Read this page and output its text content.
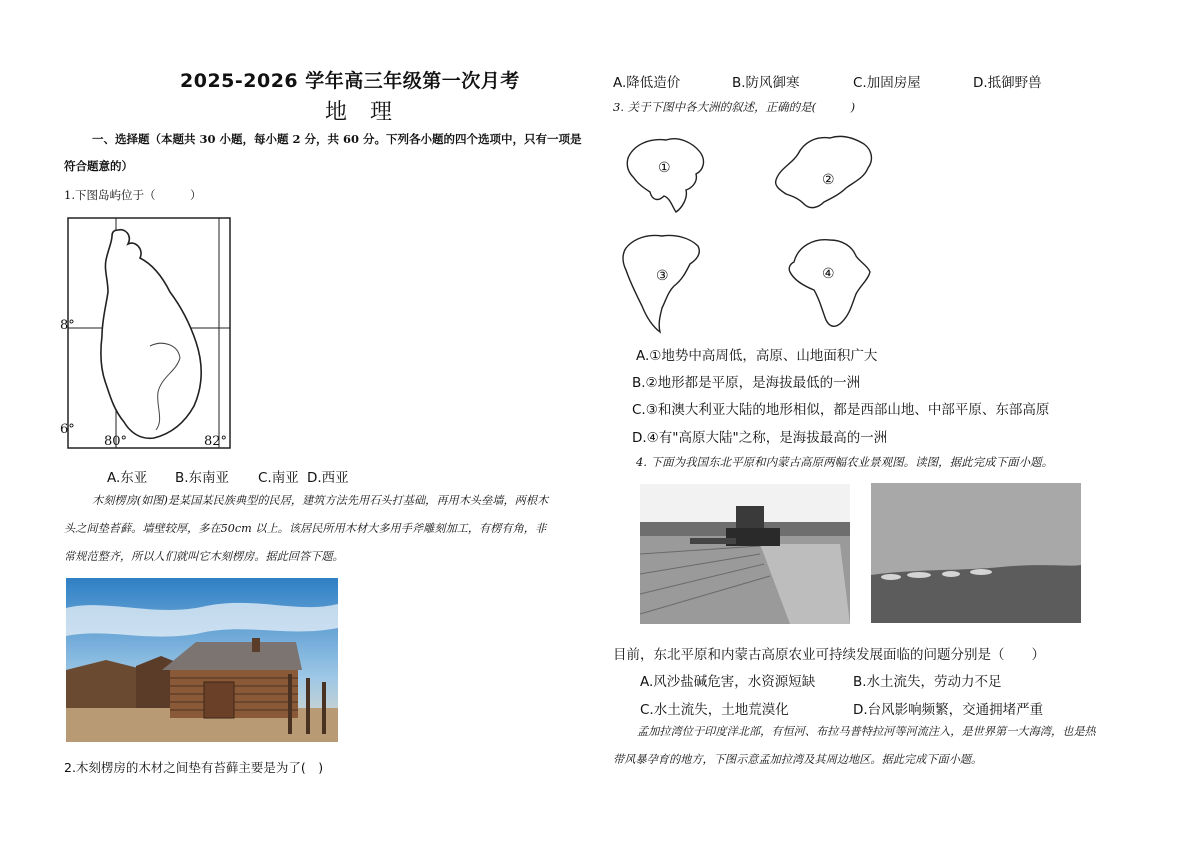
2025-2026 学年高三年级第一次月考
地 理
一、选择题（本题共 30 小题，每小题 2 分，共 60 分。下列各小题的四个选项中，只有一项是
符合题意的）
1.下图岛屿位于（　　　）
8°
6°
80°	82°
A.东亚 B.东南亚 C.南亚 D.西亚
木刻楞房(如图)是某国某民族典型的民居，建筑方法先用石头打基础，再用木头垒墙，两根木
头之间垫苔藓。墙壁较厚，多在50cm 以上。该居民所用木材大多用手斧雕刻加工，有楞有角，非
常规范整齐，所以人们就叫它木刻楞房。据此回答下题。
2.木刻楞房的木材之间垫有苔藓主要是为了(　)
A.降低造价	B.防风御寒	C.加固房屋	D.抵御野兽
3. 关于下图中各大洲的叙述，正确的是(　　　)
①
②
③	④
A.①地势中高周低，高原、山地面积广大
B.②地形都是平原，是海拔最低的一洲
C.③和澳大利亚大陆的地形相似，都是西部山地、中部平原、东部高原
D.④有"高原大陆"之称，是海拔最高的一洲
4. 下面为我国东北平原和内蒙古高原两幅农业景观图。读图，据此完成下面小题。
目前，东北平原和内蒙古高原农业可持续发展面临的问题分别是（　　）
A.风沙盐碱危害，水资源短缺	B.水土流失，劳动力不足
C.水土流失，土地荒漠化	D.台风影响频繁，交通拥堵严重
孟加拉湾位于印度洋北部，有恒河、布拉马普特拉河等河流注入，是世界第一大海湾，也是热
带风暴孕育的地方，下图示意孟加拉湾及其周边地区。据此完成下面小题。
